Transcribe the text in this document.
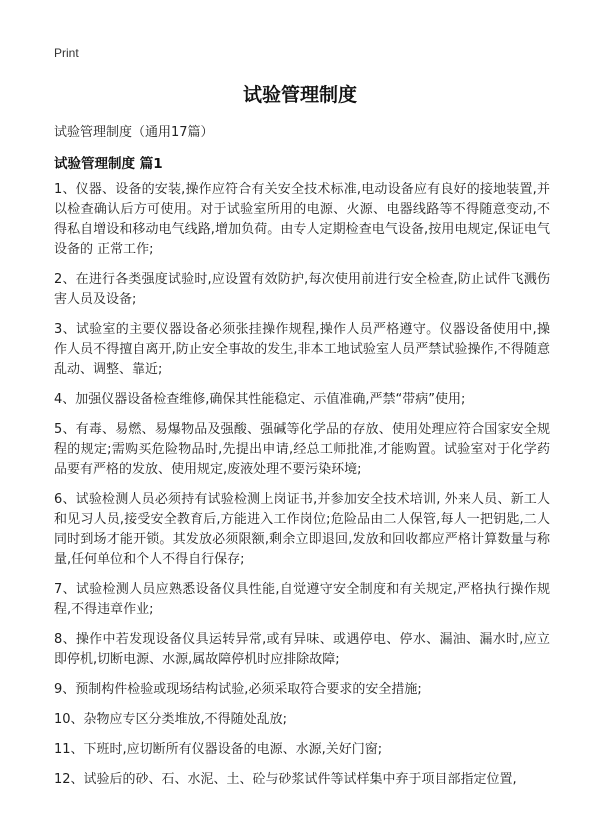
Print
试验管理制度
试验管理制度（通用17篇）
试验管理制度 篇1

1、仪器、设备的安装,操作应符合有关安全技术标准,电动设备应有良好的接地装置,并以检查确认后方可使用。对于试验室所用的电源、火源、电器线路等不得随意变动,不得私自增设和移动电气线路,增加负荷。由专人定期检查电气设备,按用电规定,保证电气设备的 正常工作;

2、在进行各类强度试验时,应设置有效防护,每次使用前进行安全检查,防止试件飞溅伤害人员及设备;

3、试验室的主要仪器设备必须张挂操作规程,操作人员严格遵守。仪器设备使用中,操作人员不得擅自离开,防止安全事故的发生,非本工地试验室人员严禁试验操作,不得随意乱动、调整、靠近;

4、加强仪器设备检查维修,确保其性能稳定、示值准确,严禁“带病”使用;

5、有毒、易燃、易爆物品及强酸、强碱等化学品的存放、使用处理应符合国家安全规程的规定;需购买危险物品时,先提出申请,经总工师批准,才能购置。试验室对于化学药品要有严格的发放、使用规定,废液处理不要污染环境;

6、试验检测人员必须持有试验检测上岗证书,并参加安全技术培训, 外来人员、新工人和见习人员,接受安全教育后,方能进入工作岗位;危险品由二人保管,每人一把钥匙,二人同时到场才能开锁。其发放必须限额,剩余立即退回,发放和回收都应严格计算数量与称量,任何单位和个人不得自行保存;

7、试验检测人员应熟悉设备仪具性能,自觉遵守安全制度和有关规定,严格执行操作规程,不得违章作业;

8、操作中若发现设备仪具运转异常,或有异味、或遇停电、停水、漏油、漏水时,应立即停机,切断电源、水源,属故障停机时应排除故障;

9、预制构件检验或现场结构试验,必须采取符合要求的安全措施;

10、杂物应专区分类堆放,不得随处乱放;

11、下班时,应切断所有仪器设备的电源、水源,关好门窗;

12、试验后的砂、石、水泥、土、砼与砂浆试件等试样集中弃于项目部指定位置,
